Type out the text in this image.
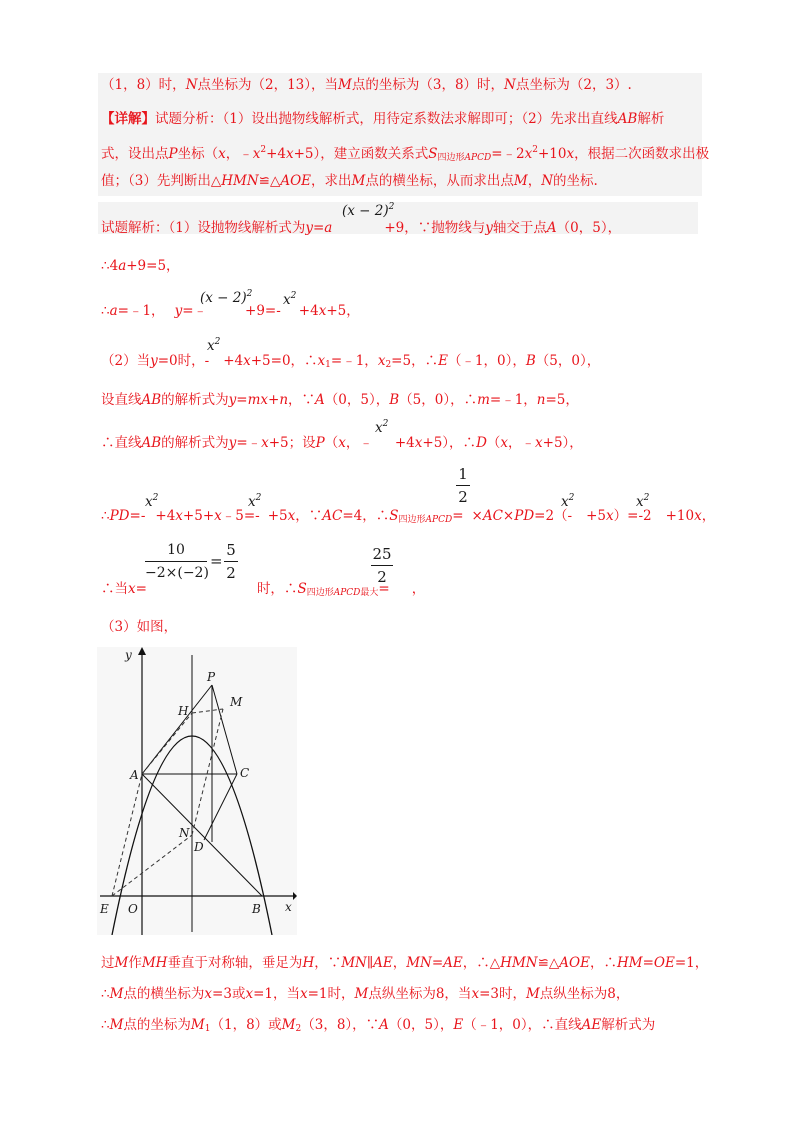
（1，8）时，N点坐标为（2，13），当M点的坐标为（3，8）时，N点坐标为（2，3）.
【详解】试题分析：（1）设出抛物线解析式，用待定系数法求解即可；（2）先求出直线AB解析
式，设出点P坐标（x，$﹣x^2+4x+5$），建立函数关系式$S_{四边形APCD}=﹣2x^2+10x$，根据二次函数求出极
值；（3）先判断出△HMN≌△AOE，求出M点的横坐标，从而求出点M，N的坐标.
试题解析：（1）设抛物线解析式为y=a	+9，∵抛物线与y轴交于点A（0，5），
$(x - 2)^2$
∴4a+9=5，
∴a=﹣1， y=﹣	+9=- +4x+5，
$(x - 2)^2$ $x^2$
（2）当y=0时，- +4x+5=0，$\therefore x_1=﹣1$，$x_2=5$，∴E（﹣1，0），B（5，0），
$x^2$
设直线AB的解析式为y=mx+n，∵A（0，5），B（5，0），∴m=﹣1，n=5，
∴直线AB的解析式为y=﹣x+5；设P（x，﹣ +4x+5），∴D（x，﹣x+5），
$x^2$
∴PD=- +4x+5+x﹣5=- +5x，∵AC=4，$\therefore S_{四边形APCD}= \times AC\times PD=2(- +5x)=-2 +10x$，
$x^2$	$x^2$	$x^2$	$x^2$
1
2
∴当x=	时，$\therefore S_{四边形APCD最大}=$ ，
10
−2×(−2)
=
5
2
25
2
（3）如图，
y
x
P
M
H
A	C
N
D
E O	B
过M作MH垂直于对称轴，垂足为H，∵MN∥AE，MN=AE，∴△HMN≌△AOE，∴HM=OE=1，
∴M点的横坐标为x=3或x=1，当x=1时，M点纵坐标为8，当x=3时，M点纵坐标为8，
∴M点的坐标为$M_1(1$，8）或$M_2(3$，8），∵A（0，5），E（﹣1，0），∴直线AE解析式为
